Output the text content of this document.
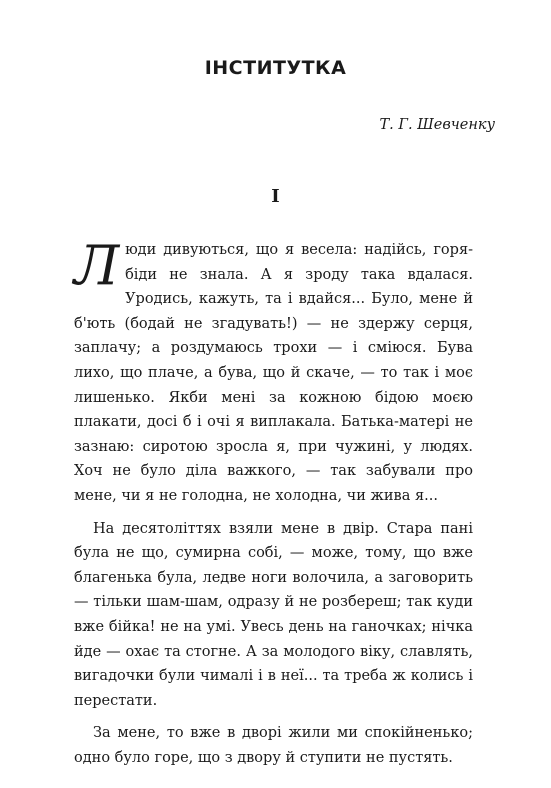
ІНСТИТУТКА
Т. Г. Шевченку
І

Люди дивуються, що я весела: надійсь, горя-біди не знала. А я зроду така вдалася. Уродись, кажуть, та і вдайся... Було, мене й б'ють (бодай не згадувать!) — не здержу серця, заплачу; а роздумаюсь трохи — і сміюся. Бува лихо, що плаче, а бува, що й скаче, — то так і моє лишенько. Якби мені за кожною бідою моєю плакати, досі б і очі я виплакала. Батька-матері не зазнаю: сиротою зросла я, при чужині, у людях. Хоч не було діла важкого, — так забували про мене, чи я не голодна, не холодна, чи жива я...

На десятоліттях взяли мене в двір. Стара пані була не що, сумирна собі, — може, тому, що вже благенька була, ледве ноги волочила, а заговорить — тільки шам-шам, одразу й не розбереш; так куди вже бійка! не на умі. Увесь день на ганочках; нічка йде — охає та стогне. А за молодого віку, славлять, вигадочки були чималі і в неї... та треба ж колись і перестати.

За мене, то вже в дворі жили ми спокійненько; одно було горе, що з двору й ступити не пустять.
